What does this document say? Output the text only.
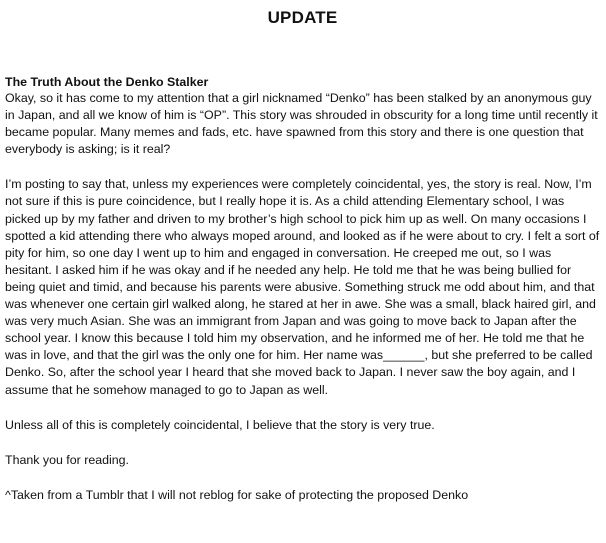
UPDATE
The Truth About the Denko Stalker

Okay, so it has come to my attention that a girl nicknamed “Denko” has been stalked by an anonymous guy in Japan, and all we know of him is “OP”. This story was shrouded in obscurity for a long time until recently it became popular. Many memes and fads, etc. have spawned from this story and there is one question that everybody is asking; is it real?

I’m posting to say that, unless my experiences were completely coincidental, yes, the story is real. Now, I’m not sure if this is pure coincidence, but I really hope it is. As a child attending Elementary school, I was picked up by my father and driven to my brother’s high school to pick him up as well. On many occasions I spotted a kid attending there who always moped around, and looked as if he were about to cry. I felt a sort of pity for him, so one day I went up to him and engaged in conversation. He creeped me out, so I was hesitant. I asked him if he was okay and if he needed any help. He told me that he was being bullied for being quiet and timid, and because his parents were abusive. Something struck me odd about him, and that was whenever one certain girl walked along, he stared at her in awe. She was a small, black haired girl, and was very much Asian. She was an immigrant from Japan and was going to move back to Japan after the school year. I know this because I told him my observation, and he informed me of her. He told me that he was in love, and that the girl was the only one for him. Her name was______, but she preferred to be called Denko. So, after the school year I heard that she moved back to Japan. I never saw the boy again, and I assume that he somehow managed to go to Japan as well.

Unless all of this is completely coincidental, I believe that the story is very true.

Thank you for reading.

^Taken from a Tumblr that I will not reblog for sake of protecting the proposed Denko
